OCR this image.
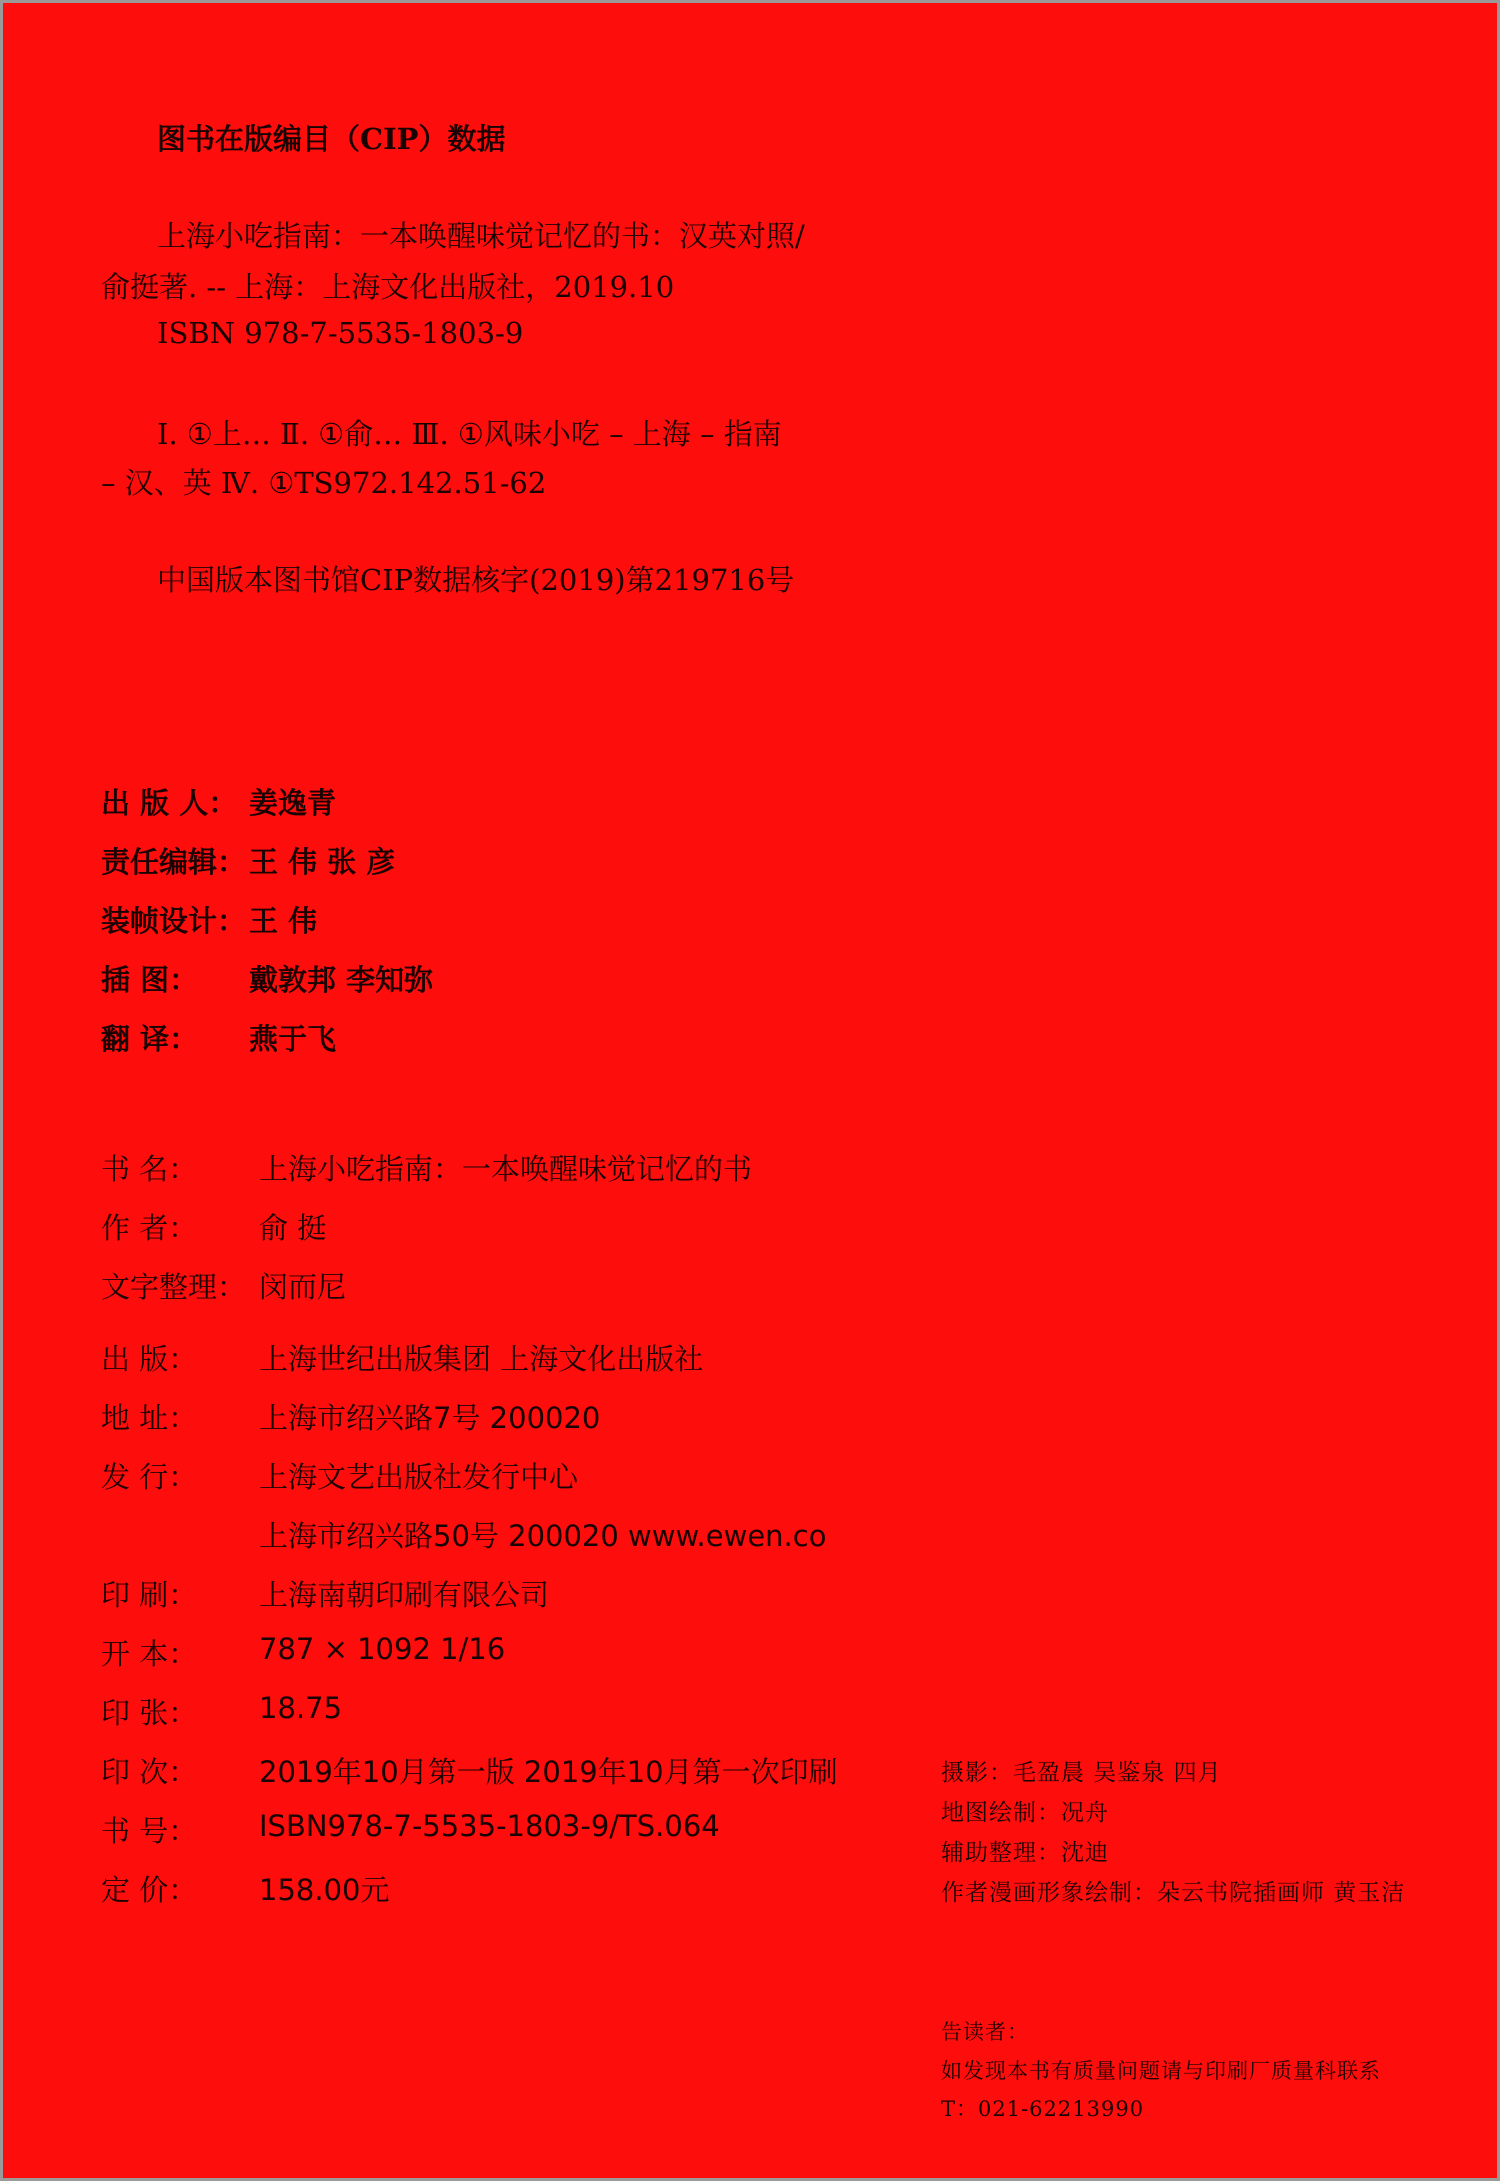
图书在版编目（CIP）数据
上海小吃指南：一本唤醒味觉记忆的书：汉英对照/
俞挺著. -- 上海：上海文化出版社，2019.10
ISBN 978-7-5535-1803-9
Ⅰ. ①上… Ⅱ. ①俞… Ⅲ. ①风味小吃 – 上海 – 指南
– 汉、英 Ⅳ. ①TS972.142.51-62
中国版本图书馆CIP数据核字(2019)第219716号
出 版 人： 姜逸青
责任编辑： 王 伟 张 彦
装帧设计： 王 伟
插 图： 戴敦邦 李知弥
翻 译： 燕于飞
书 名： 上海小吃指南：一本唤醒味觉记忆的书
作 者： 俞 挺
文字整理： 闵而尼
出 版： 上海世纪出版集团 上海文化出版社
地 址： 上海市绍兴路7号 200020
发 行： 上海文艺出版社发行中心
上海市绍兴路50号 200020 www.ewen.co
印 刷： 上海南朝印刷有限公司
开 本： 787 × 1092 1/16
印 张： 18.75
印 次： 2019年10月第一版 2019年10月第一次印刷
书 号： ISBN978-7-5535-1803-9/TS.064
定 价： 158.00元
摄影：毛盈晨 吴鉴泉 四月
地图绘制：况舟
辅助整理：沈迪
作者漫画形象绘制：朵云书院插画师 黄玉洁
告读者：
如发现本书有质量问题请与印刷厂质量科联系
T：021-62213990
